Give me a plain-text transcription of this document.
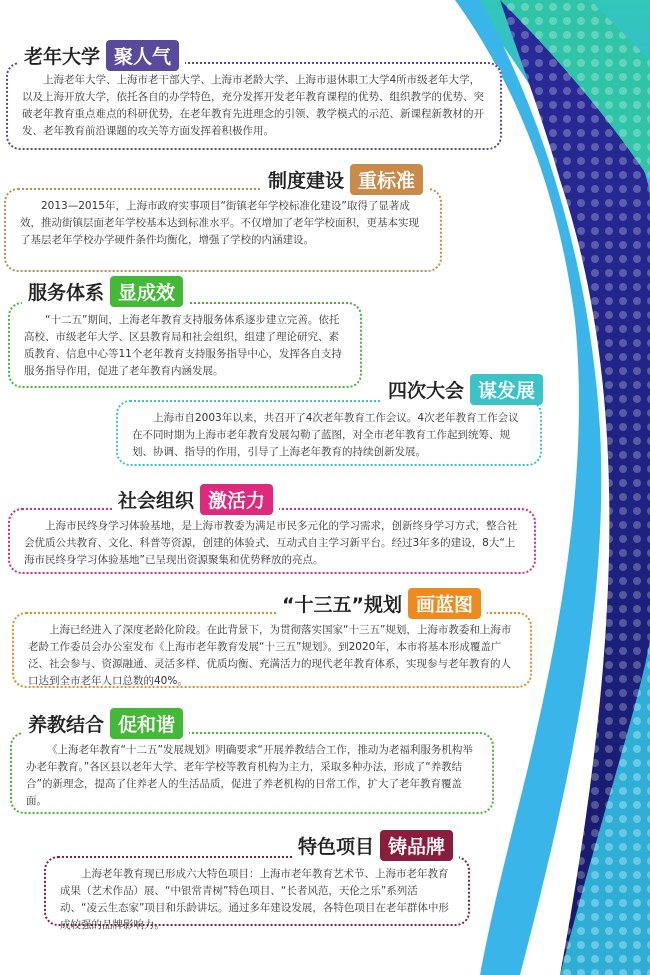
上海老年大学、上海市老干部大学、上海市老龄大学、上海市退休职工大学4所市级老年大学，以及上海开放大学，依托各自的办学特色，充分发挥开发老年教育课程的优势、组织教学的优势、突破老年教育重点难点的科研优势，在老年教育先进理念的引领、教学模式的示范、新课程新教材的开发、老年教育前沿课题的攻关等方面发挥着积极作用。
老年大学 聚人气
2013—2015年，上海市政府实事项目“街镇老年学校标准化建设”取得了显著成效，推动街镇层面老年学校基本达到标准水平。不仅增加了老年学校面积，更基本实现了基层老年学校办学硬件条件均衡化，增强了学校的内涵建设。
制度建设 重标准
“十二五”期间，上海老年教育支持服务体系逐步建立完善。依托高校、市级老年大学、区县教育局和社会组织，组建了理论研究、素质教育、信息中心等11个老年教育支持服务指导中心，发挥各自支持服务指导作用，促进了老年教育内涵发展。
服务体系 显成效
上海市自2003年以来，共召开了4次老年教育工作会议。4次老年教育工作会议在不同时期为上海市老年教育发展勾勒了蓝图，对全市老年教育工作起到统筹、规划、协调、指导的作用，引导了上海老年教育的持续创新发展。
四次大会 谋发展
上海市民终身学习体验基地，是上海市教委为满足市民多元化的学习需求，创新终身学习方式，整合社会优质公共教育、文化、科普等资源，创建的体验式、互动式自主学习新平台。经过3年多的建设，8大“上海市民终身学习体验基地”已呈现出资源聚集和优势释放的亮点。
社会组织 激活力
上海已经进入了深度老龄化阶段。在此背景下，为贯彻落实国家“十三五”规划，上海市教委和上海市老龄工作委员会办公室发布《上海市老年教育发展“十三五”规划》。到2020年，本市将基本形成覆盖广泛、社会参与、资源融通、灵活多样、优质均衡、充满活力的现代老年教育体系，实现参与老年教育的人口达到全市老年人口总数的40%。
“十三五”规划 画蓝图
《上海老年教育“十二五”发展规划》明确要求“开展养教结合工作，推动为老福利服务机构举办老年教育。”各区县以老年大学、老年学校等教育机构为主力，采取多种办法，形成了“养教结合”的新理念，提高了住养老人的生活品质，促进了养老机构的日常工作，扩大了老年教育覆盖面。
养教结合 促和谐
上海老年教育现已形成六大特色项目：上海市老年教育艺术节、上海市老年教育成果（艺术作品）展、“中银常青树”特色项目、“长者风范，天伦之乐”系列活动、“凌云生态家”项目和乐龄讲坛。通过多年建设发展，各特色项目在老年群体中形成较强的品牌影响力。
特色项目 铸品牌
